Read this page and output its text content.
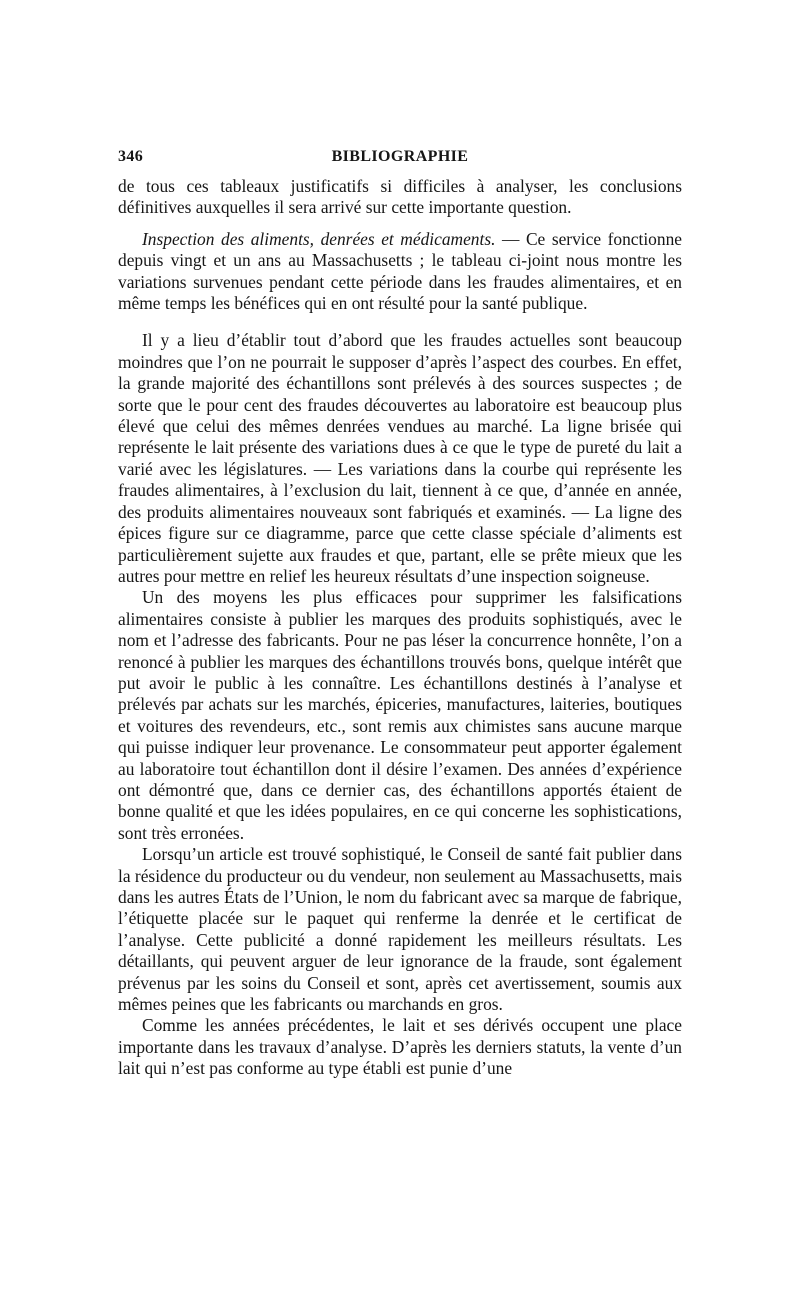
346	BIBLIOGRAPHIE

de tous ces tableaux justificatifs si difficiles à analyser, les conclusions définitives auxquelles il sera arrivé sur cette importante question.

Inspection des aliments, denrées et médicaments. — Ce service fonctionne depuis vingt et un ans au Massachusetts ; le tableau ci-joint nous montre les variations survenues pendant cette période dans les fraudes alimentaires, et en même temps les bénéfices qui en ont résulté pour la santé publique.

Il y a lieu d’établir tout d’abord que les fraudes actuelles sont beaucoup moindres que l’on ne pourrait le supposer d’après l’aspect des courbes. En effet, la grande majorité des échantillons sont prélevés à des sources suspectes ; de sorte que le pour cent des fraudes découvertes au laboratoire est beaucoup plus élevé que celui des mêmes denrées vendues au marché. La ligne brisée qui représente le lait présente des variations dues à ce que le type de pureté du lait a varié avec les législatures. — Les variations dans la courbe qui représente les fraudes alimentaires, à l’exclusion du lait, tiennent à ce que, d’année en année, des produits alimentaires nouveaux sont fabriqués et examinés. — La ligne des épices figure sur ce diagramme, parce que cette classe spéciale d’aliments est particulièrement sujette aux fraudes et que, partant, elle se prête mieux que les autres pour mettre en relief les heureux résultats d’une inspection soigneuse.

Un des moyens les plus efficaces pour supprimer les falsifications alimentaires consiste à publier les marques des produits sophistiqués, avec le nom et l’adresse des fabricants. Pour ne pas léser la concurrence honnête, l’on a renoncé à publier les marques des échantillons trouvés bons, quelque intérêt que put avoir le public à les connaître. Les échantillons destinés à l’analyse et prélevés par achats sur les marchés, épiceries, manufactures, laiteries, boutiques et voitures des revendeurs, etc., sont remis aux chimistes sans aucune marque qui puisse indiquer leur provenance. Le consommateur peut apporter également au laboratoire tout échantillon dont il désire l’examen. Des années d’expérience ont démontré que, dans ce dernier cas, des échantillons apportés étaient de bonne qualité et que les idées populaires, en ce qui concerne les sophistications, sont très erronées.

Lorsqu’un article est trouvé sophistiqué, le Conseil de santé fait publier dans la résidence du producteur ou du vendeur, non seulement au Massachusetts, mais dans les autres États de l’Union, le nom du fabricant avec sa marque de fabrique, l’étiquette placée sur le paquet qui renferme la denrée et le certificat de l’analyse. Cette publicité a donné rapidement les meilleurs résultats. Les détaillants, qui peuvent arguer de leur ignorance de la fraude, sont également prévenus par les soins du Conseil et sont, après cet avertissement, soumis aux mêmes peines que les fabricants ou marchands en gros.

Comme les années précédentes, le lait et ses dérivés occupent une place importante dans les travaux d’analyse. D’après les derniers statuts, la vente d’un lait qui n’est pas conforme au type établi est punie d’une
